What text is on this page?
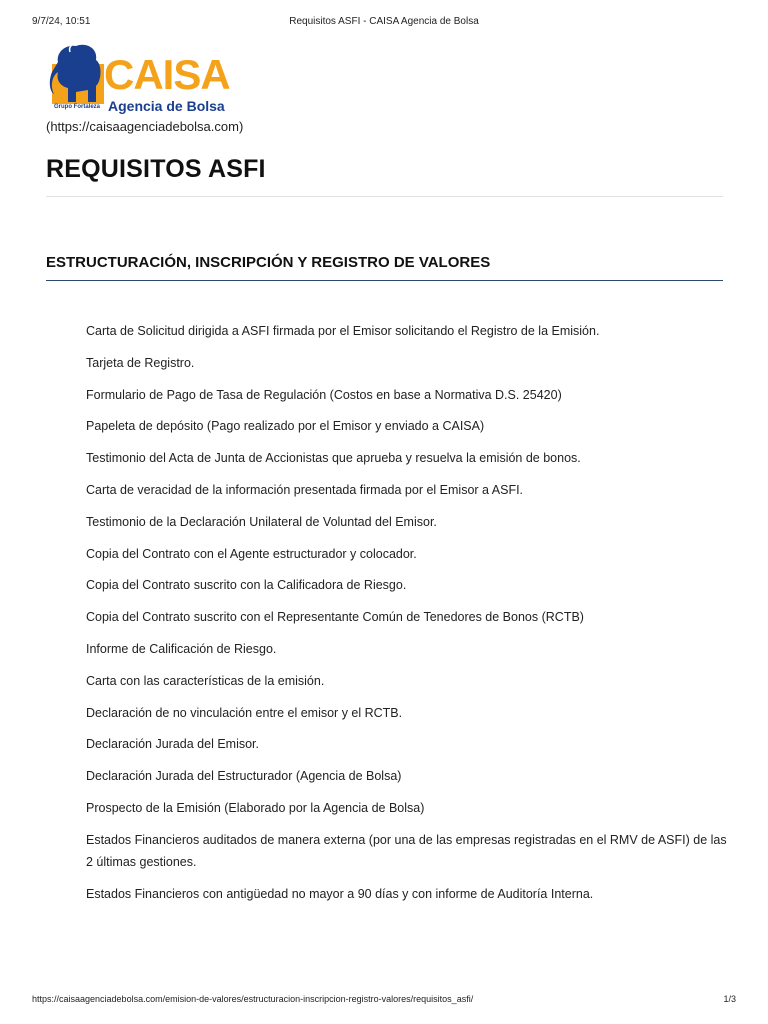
9/7/24, 10:51	Requisitos ASFI - CAISA Agencia de Bolsa
CAISA
Agencia de Bolsa
Grupo Fortaleza
(https://caisaagenciadebolsa.com)
REQUISITOS ASFI
ESTRUCTURACIÓN, INSCRIPCIÓN Y REGISTRO DE VALORES
Carta de Solicitud dirigida a ASFI firmada por el Emisor solicitando el Registro de la Emisión.
Tarjeta de Registro.
Formulario de Pago de Tasa de Regulación (Costos en base a Normativa D.S. 25420)
Papeleta de depósito (Pago realizado por el Emisor y enviado a CAISA)
Testimonio del Acta de Junta de Accionistas que aprueba y resuelva la emisión de bonos.
Carta de veracidad de la información presentada firmada por el Emisor a ASFI.
Testimonio de la Declaración Unilateral de Voluntad del Emisor.
Copia del Contrato con el Agente estructurador y colocador.
Copia del Contrato suscrito con la Calificadora de Riesgo.
Copia del Contrato suscrito con el Representante Común de Tenedores de Bonos (RCTB)
Informe de Calificación de Riesgo.
Carta con las características de la emisión.
Declaración de no vinculación entre el emisor y el RCTB.
Declaración Jurada del Emisor.
Declaración Jurada del Estructurador (Agencia de Bolsa)
Prospecto de la Emisión (Elaborado por la Agencia de Bolsa)
Estados Financieros auditados de manera externa (por una de las empresas registradas en el RMV de ASFI) de las 2 últimas gestiones.
Estados Financieros con antigüedad no mayor a 90 días y con informe de Auditoría Interna.
https://caisaagenciadebolsa.com/emision-de-valores/estructuracion-inscripcion-registro-valores/requisitos_asfi/	1/3
